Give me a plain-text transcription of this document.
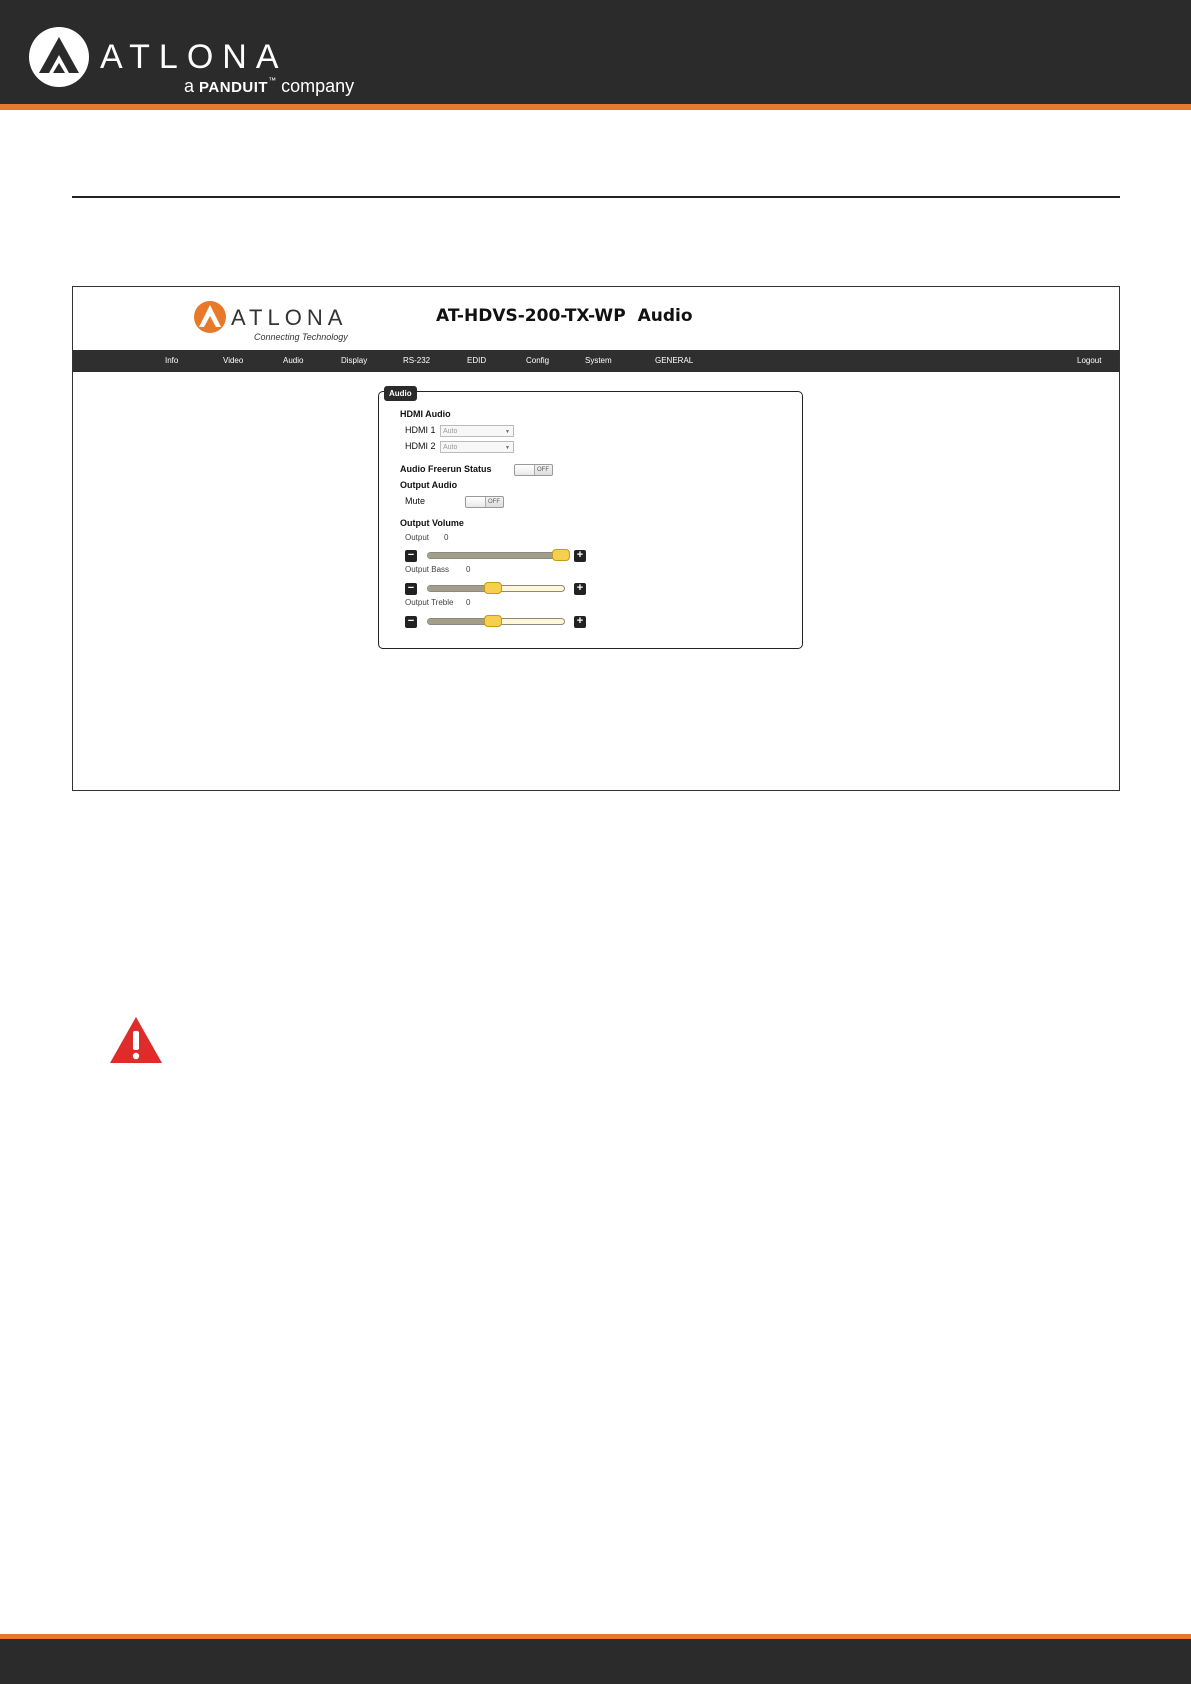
ATLONA
a PANDUIT™ company
ATLONA
Connecting Technology
AT-HDVS-200-TX-WP Audio
Info	Video	Audio	Display	RS-232	EDID	Config	System	GENERAL	Logout
Audio
HDMI Audio
HDMI 1	Auto	▼
HDMI 2	Auto	▼
Audio Freerun Status	OFF
Output Audio
Mute	OFF
Output Volume
Output 0
−	+
Output Bass 0
−	+
Output Treble 0
−	+
